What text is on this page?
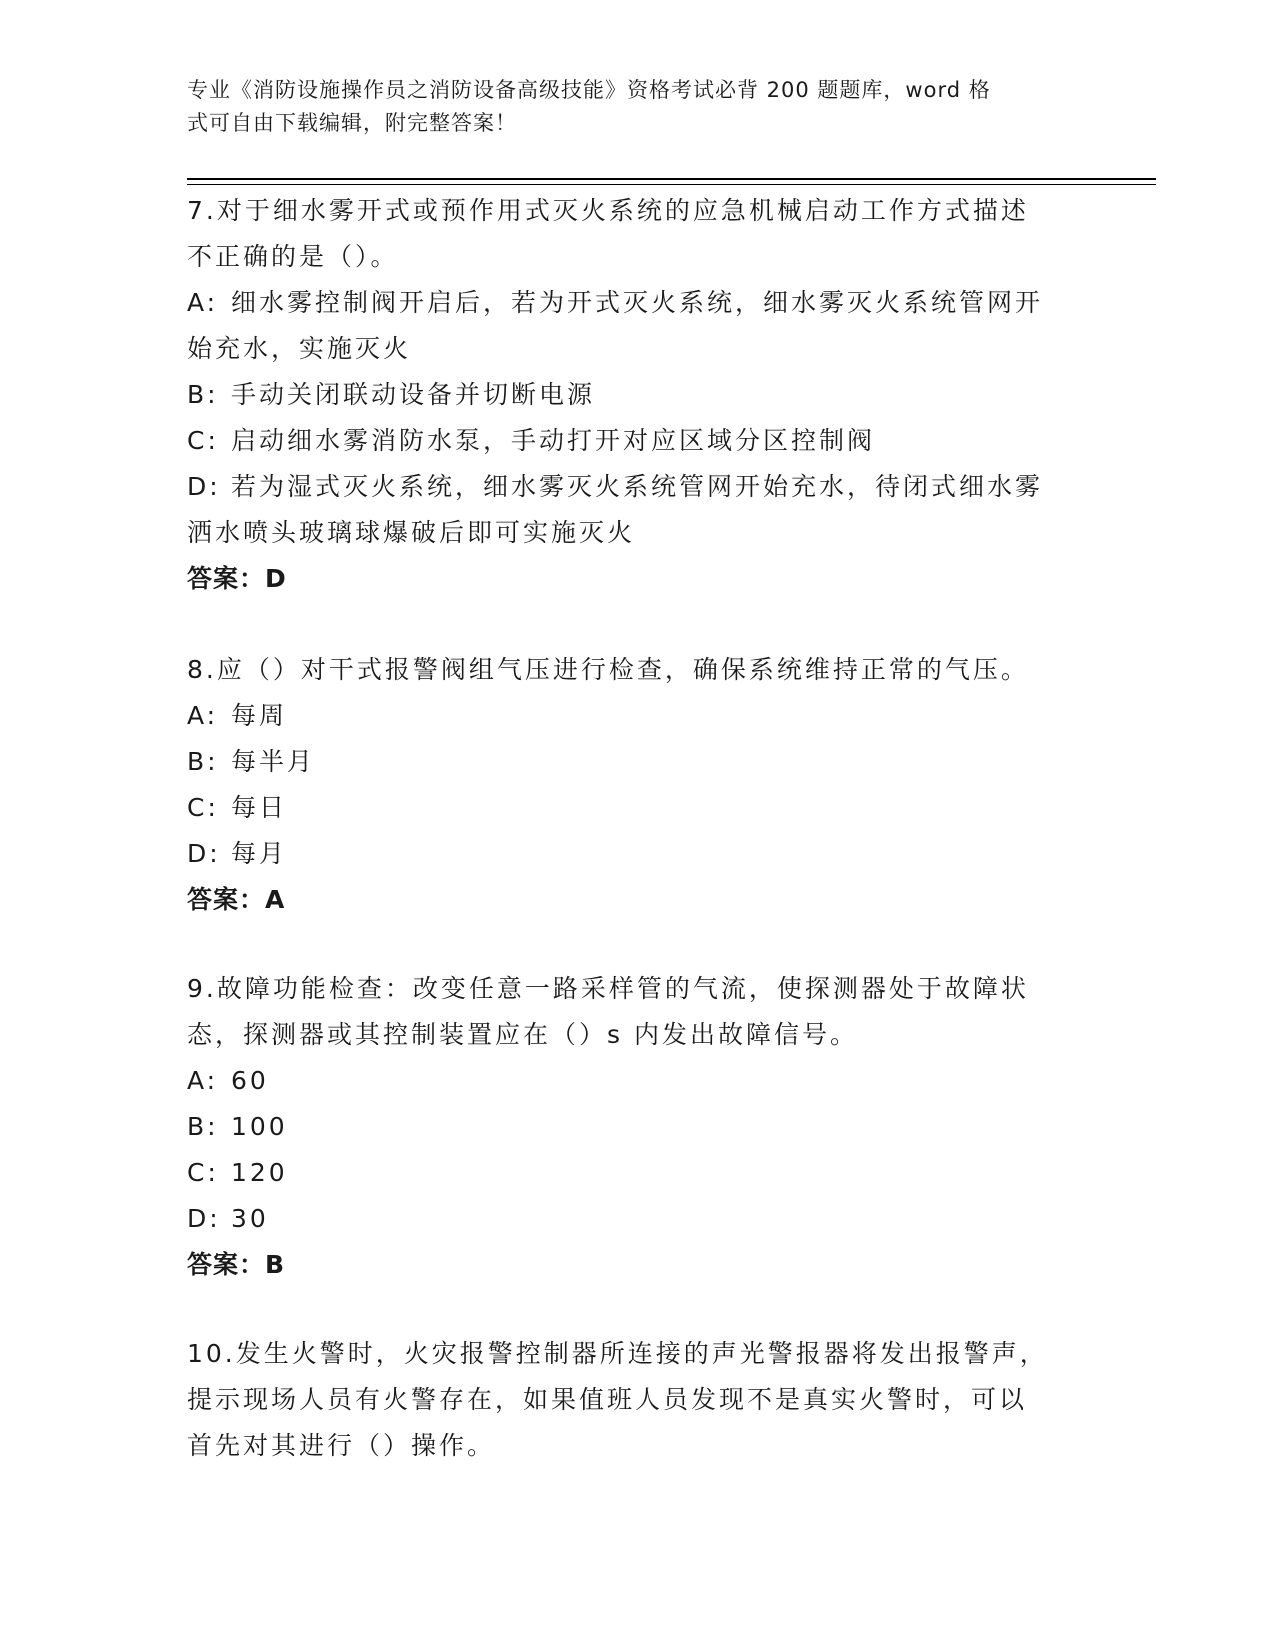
专业《消防设施操作员之消防设备高级技能》资格考试必背 200 题题库，word 格
式可自由下载编辑，附完整答案！

7.对于细水雾开式或预作用式灭火系统的应急机械启动工作方式描述

不正确的是（）。

A: 细水雾控制阀开启后，若为开式灭火系统，细水雾灭火系统管网开

始充水，实施灭火

B: 手动关闭联动设备并切断电源

C: 启动细水雾消防水泵，手动打开对应区域分区控制阀

D: 若为湿式灭火系统，细水雾灭火系统管网开始充水，待闭式细水雾

洒水喷头玻璃球爆破后即可实施灭火

答案：D

8.应（）对干式报警阀组气压进行检查，确保系统维持正常的气压。

A: 每周

B: 每半月

C: 每日

D: 每月

答案：A

9.故障功能检查：改变任意一路采样管的气流，使探测器处于故障状

态，探测器或其控制装置应在（）s 内发出故障信号。

A: 60

B: 100

C: 120

D: 30

答案：B

10.发生火警时，火灾报警控制器所连接的声光警报器将发出报警声，

提示现场人员有火警存在，如果值班人员发现不是真实火警时，可以

首先对其进行（）操作。
